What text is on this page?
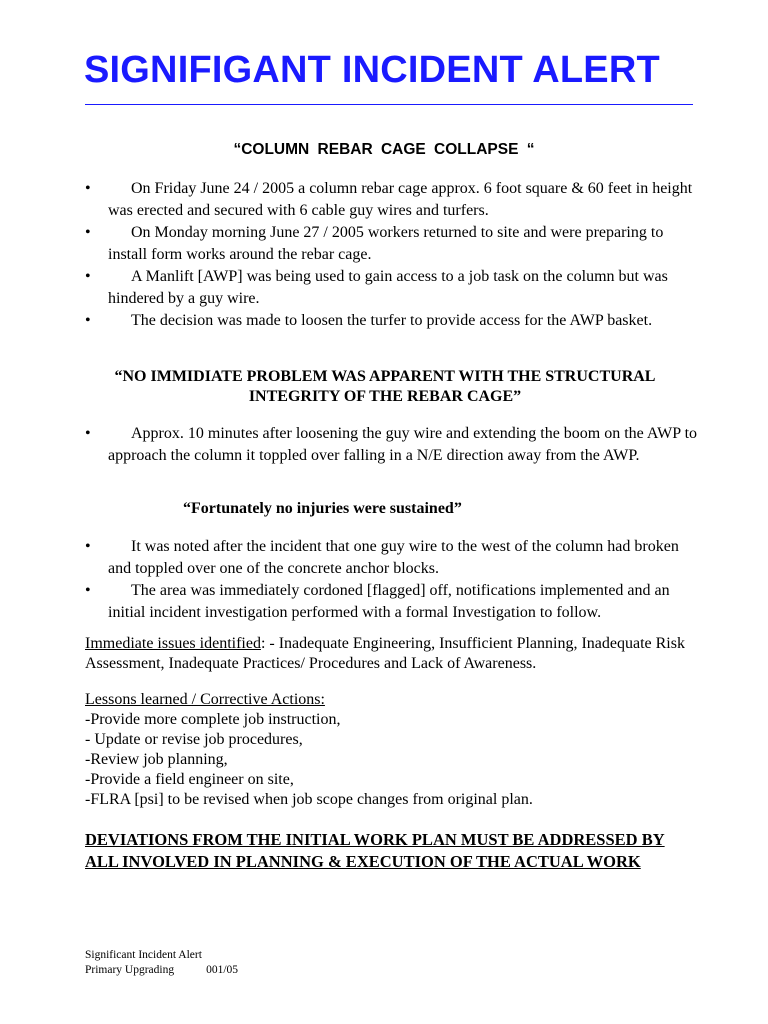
SIGNIFIGANT INCIDENT ALERT
“COLUMN REBAR CAGE COLLAPSE “
•	On Friday June 24 / 2005 a column rebar cage approx. 6 foot square & 60 feet in height was erected and secured with 6 cable guy wires and turfers.
•	On Monday morning June 27 / 2005 workers returned to site and were preparing to install form works around the rebar cage.
•	A Manlift [AWP] was being used to gain access to a job task on the column but was hindered by a guy wire.
•	The decision was made to loosen the turfer to provide access for the AWP basket.
“NO IMMIDIATE PROBLEM WAS APPARENT WITH THE STRUCTURAL INTEGRITY OF THE REBAR CAGE”
•	Approx. 10 minutes after loosening the guy wire and extending the boom on the AWP to approach the column it toppled over falling in a N/E direction away from the AWP.
“Fortunately no injuries were sustained”
•	It was noted after the incident that one guy wire to the west of the column had broken and toppled over one of the concrete anchor blocks.
•	The area was immediately cordoned [flagged] off, notifications implemented and an initial incident investigation performed with a formal Investigation to follow.
Immediate issues identified: - Inadequate Engineering, Insufficient Planning, Inadequate Risk Assessment, Inadequate Practices/ Procedures and Lack of Awareness.
Lessons learned / Corrective Actions:
-Provide more complete job instruction,
- Update or revise job procedures,
-Review job planning,
-Provide a field engineer on site,
-FLRA [psi] to be revised when job scope changes from original plan.
DEVIATIONS FROM THE INITIAL WORK PLAN MUST BE ADDRESSED BY ALL INVOLVED IN PLANNING & EXECUTION OF THE ACTUAL WORK
Significant Incident Alert
Primary Upgrading	001/05
